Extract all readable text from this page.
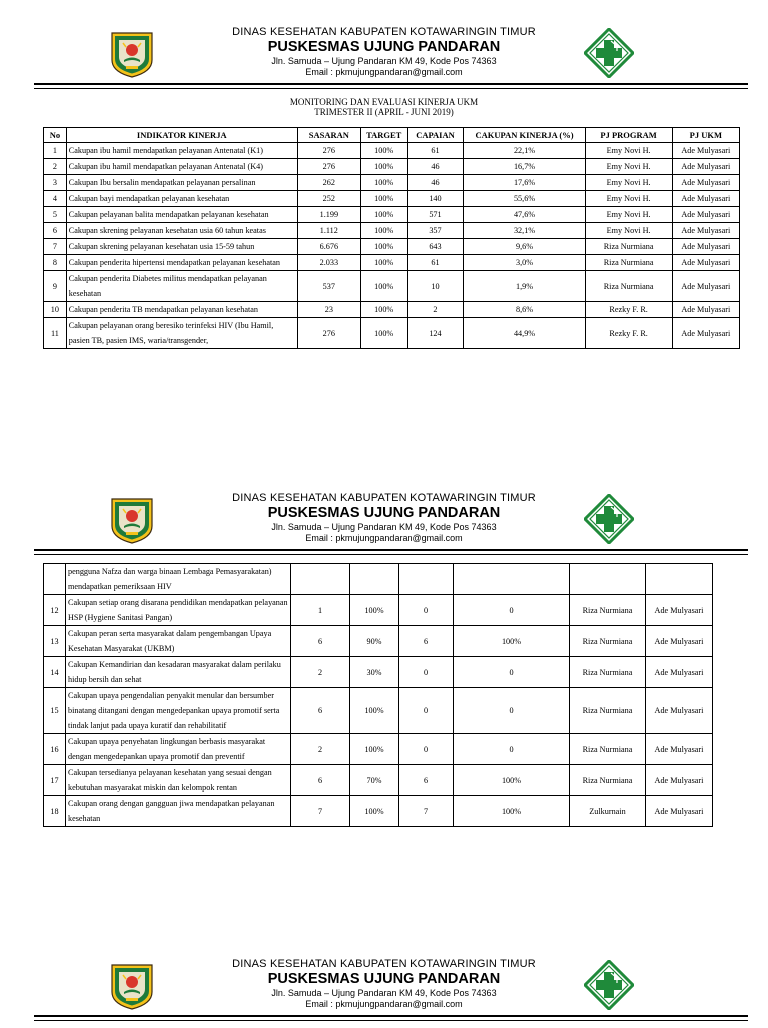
DINAS KESEHATAN KABUPATEN KOTAWARINGIN TIMUR
PUSKESMAS UJUNG PANDARAN
Jln. Samuda – Ujung Pandaran KM 49, Kode Pos 74363
Email : pkmujungpandaran@gmail.com
MONITORING DAN EVALUASI KINERJA UKM
TRIMESTER II (APRIL - JUNI 2019)
No	INDIKATOR KINERJA	SASARAN	TARGET	CAPAIAN	CAKUPAN KINERJA (%)	PJ PROGRAM	PJ UKM
1	Cakupan ibu hamil mendapatkan pelayanan Antenatal (K1)	276	100%	61	22,1%	Emy Novi H.	Ade Mulyasari
2	Cakupan ibu hamil mendapatkan pelayanan Antenatal (K4)	276	100%	46	16,7%	Emy Novi H.	Ade Mulyasari
3	Cakupan Ibu bersalin mendapatkan pelayanan persalinan	262	100%	46	17,6%	Emy Novi H.	Ade Mulyasari
4	Cakupan bayi mendapatkan pelayanan kesehatan	252	100%	140	55,6%	Emy Novi H.	Ade Mulyasari
5	Cakupan pelayanan balita mendapatkan pelayanan kesehatan	1.199	100%	571	47,6%	Emy Novi H.	Ade Mulyasari
6	Cakupan skrening pelayanan kesehatan usia 60 tahun keatas	1.112	100%	357	32,1%	Emy Novi H.	Ade Mulyasari
7	Cakupan skrening pelayanan kesehatan usia 15-59 tahun	6.676	100%	643	9,6%	Riza Nurmiana	Ade Mulyasari
8	Cakupan penderita hipertensi mendapatkan pelayanan kesehatan	2.033	100%	61	3,0%	Riza Nurmiana	Ade Mulyasari
9	Cakupan penderita Diabetes militus mendapatkan pelayanan kesehatan	537	100%	10	1,9%	Riza Nurmiana	Ade Mulyasari
10	Cakupan penderita TB mendapatkan pelayanan kesehatan	23	100%	2	8,6%	Rezky F. R.	Ade Mulyasari
11	Cakupan pelayanan orang beresiko terinfeksi HIV (Ibu Hamil, pasien TB, pasien IMS, waria/transgender,	276	100%	124	44,9%	Rezky F. R.	Ade Mulyasari
DINAS KESEHATAN KABUPATEN KOTAWARINGIN TIMUR
PUSKESMAS UJUNG PANDARAN
Jln. Samuda – Ujung Pandaran KM 49, Kode Pos 74363
Email : pkmujungpandaran@gmail.com
	pengguna Nafza dan warga binaan Lembaga Pemasyarakatan) mendapatkan pemeriksaan HIV						
12	Cakupan setiap orang disarana pendidikan mendapatkan pelayanan HSP (Hygiene Sanitasi Pangan)	1	100%	0	0	Riza Nurmiana	Ade Mulyasari
13	Cakupan peran serta masyarakat dalam pengembangan Upaya Kesehatan Masyarakat (UKBM)	6	90%	6	100%	Riza Nurmiana	Ade Mulyasari
14	Cakupan Kemandirian dan kesadaran masyarakat dalam perilaku hidup bersih dan sehat	2	30%	0	0	Riza Nurmiana	Ade Mulyasari
15	Cakupan upaya pengendalian penyakit menular dan bersumber binatang ditangani dengan mengedepankan upaya promotif serta tindak lanjut pada upaya kuratif dan rehabilitatif	6	100%	0	0	Riza Nurmiana	Ade Mulyasari
16	Cakupan upaya penyehatan lingkungan berbasis masyarakat dengan mengedepankan upaya promotif dan preventif	2	100%	0	0	Riza Nurmiana	Ade Mulyasari
17	Cakupan tersedianya pelayanan kesehatan yang sesuai dengan kebutuhan masyarakat miskin dan kelompok rentan	6	70%	6	100%	Riza Nurmiana	Ade Mulyasari
18	Cakupan orang dengan gangguan jiwa mendapatkan pelayanan kesehatan	7	100%	7	100%	Zulkurnain	Ade Mulyasari
DINAS KESEHATAN KABUPATEN KOTAWARINGIN TIMUR
PUSKESMAS UJUNG PANDARAN
Jln. Samuda – Ujung Pandaran KM 49, Kode Pos 74363
Email : pkmujungpandaran@gmail.com
